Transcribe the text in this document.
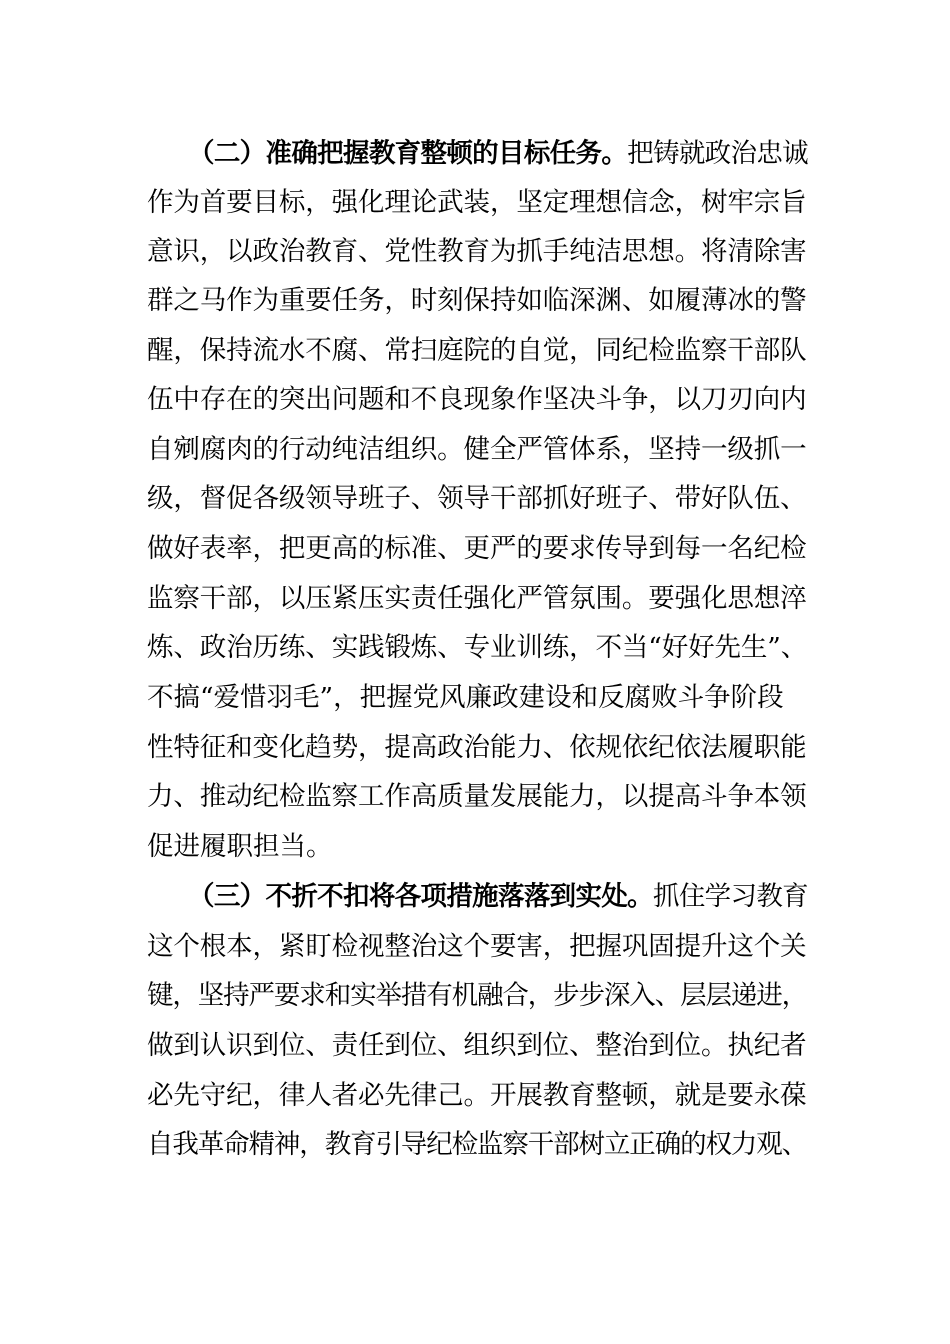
（二）准确把握教育整顿的目标任务。把铸就政治忠诚
作为首要目标，强化理论武装，坚定理想信念，树牢宗旨
意识，以政治教育、党性教育为抓手纯洁思想。将清除害
群之马作为重要任务，时刻保持如临深渊、如履薄冰的警
醒，保持流水不腐、常扫庭院的自觉，同纪检监察干部队
伍中存在的突出问题和不良现象作坚决斗争，以刀刃向内
自剜腐肉的行动纯洁组织。健全严管体系，坚持一级抓一
级，督促各级领导班子、领导干部抓好班子、带好队伍、
做好表率，把更高的标准、更严的要求传导到每一名纪检
监察干部，以压紧压实责任强化严管氛围。要强化思想淬
炼、政治历练、实践锻炼、专业训练，不当“好好先生”、
不搞“爱惜羽毛”，把握党风廉政建设和反腐败斗争阶段
性特征和变化趋势，提高政治能力、依规依纪依法履职能
力、推动纪检监察工作高质量发展能力，以提高斗争本领
促进履职担当。
（三）不折不扣将各项措施落落到实处。抓住学习教育
这个根本，紧盯检视整治这个要害，把握巩固提升这个关
键，坚持严要求和实举措有机融合，步步深入、层层递进，
做到认识到位、责任到位、组织到位、整治到位。执纪者
必先守纪，律人者必先律己。开展教育整顿，就是要永葆
自我革命精神，教育引导纪检监察干部树立正确的权力观、
